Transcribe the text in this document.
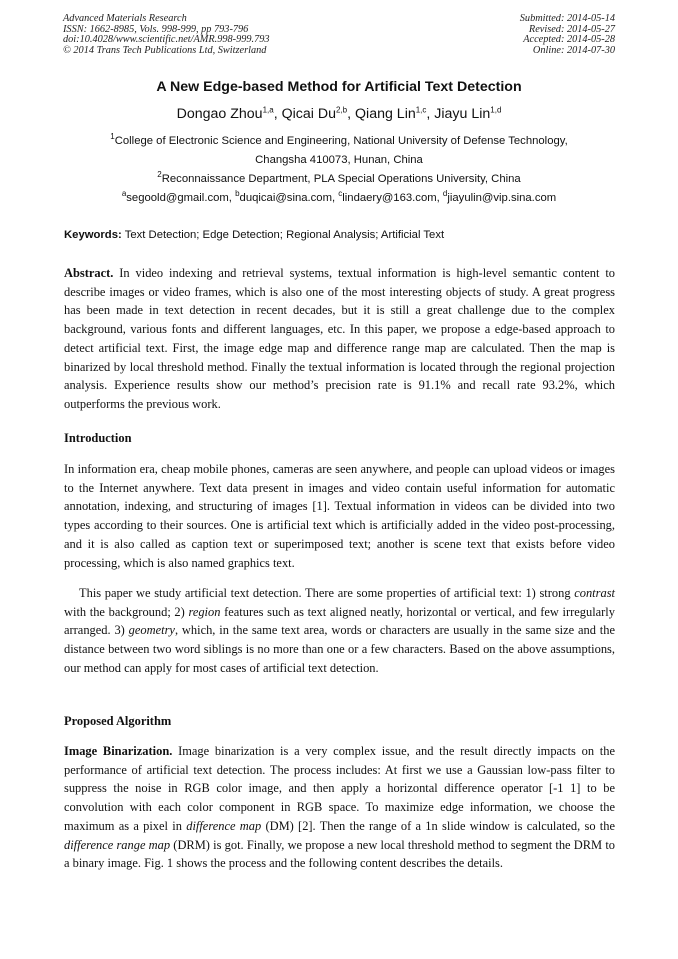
Advanced Materials Research
ISSN: 1662-8985, Vols. 998-999, pp 793-796
doi:10.4028/www.scientific.net/AMR.998-999.793
© 2014 Trans Tech Publications Ltd, Switzerland
Submitted: 2014-05-14
Revised: 2014-05-27
Accepted: 2014-05-28
Online: 2014-07-30
A New Edge-based Method for Artificial Text Detection
Dongao Zhou$^{1,a}$, Qicai Du$^{2,b}$, Qiang Lin$^{1,c}$, Jiayu Lin$^{1,d}$
$^1$College of Electronic Science and Engineering, National University of Defense Technology,
Changsha 410073, Hunan, China
$^2$Reconnaissance Department, PLA Special Operations University, China
$^a$segoold@gmail.com, $^b$duqicai@sina.com, $^c$lindaery@163.com, $^d$jiayulin@vip.sina.com
Keywords: Text Detection; Edge Detection; Regional Analysis; Artificial Text
Abstract. In video indexing and retrieval systems, textual information is high-level semantic content to describe images or video frames, which is also one of the most interesting objects of study. A great progress has been made in text detection in recent decades, but it is still a great challenge due to the complex background, various fonts and different languages, etc. In this paper, we propose a edge-based approach to detect artificial text. First, the image edge map and difference range map are calculated. Then the map is binarized by local threshold method. Finally the textual information is located through the regional projection analysis. Experience results show our method’s precision rate is 91.1% and recall rate 93.2%, which outperforms the previous work.
Introduction
In information era, cheap mobile phones, cameras are seen anywhere, and people can upload videos or images to the Internet anywhere. Text data present in images and video contain useful information for automatic annotation, indexing, and structuring of images [1]. Textual information in videos can be divided into two types according to their sources. One is artificial text which is artificially added in the video post-processing, and it is also called as caption text or superimposed text; another is scene text that exists before video processing, which is also named graphics text.
This paper we study artificial text detection. There are some properties of artificial text: 1) strong contrast with the background; 2) region features such as text aligned neatly, horizontal or vertical, and few irregularly arranged. 3) geometry, which, in the same text area, words or characters are usually in the same size and the distance between two word siblings is no more than one or a few characters. Based on the above assumptions, our method can apply for most cases of artificial text detection.
Proposed Algorithm
Image Binarization. Image binarization is a very complex issue, and the result directly impacts on the performance of artificial text detection. The process includes: At first we use a Gaussian low-pass filter to suppress the noise in RGB color image, and then apply a horizontal difference operator [-1 1] to be convolution with each color component in RGB space. To maximize edge information, we choose the maximum as a pixel in difference map (DM) [2]. Then the range of a 1n slide window is calculated, so the difference range map (DRM) is got. Finally, we propose a new local threshold method to segment the DRM to a binary image. Fig. 1 shows the process and the following content describes the details.
